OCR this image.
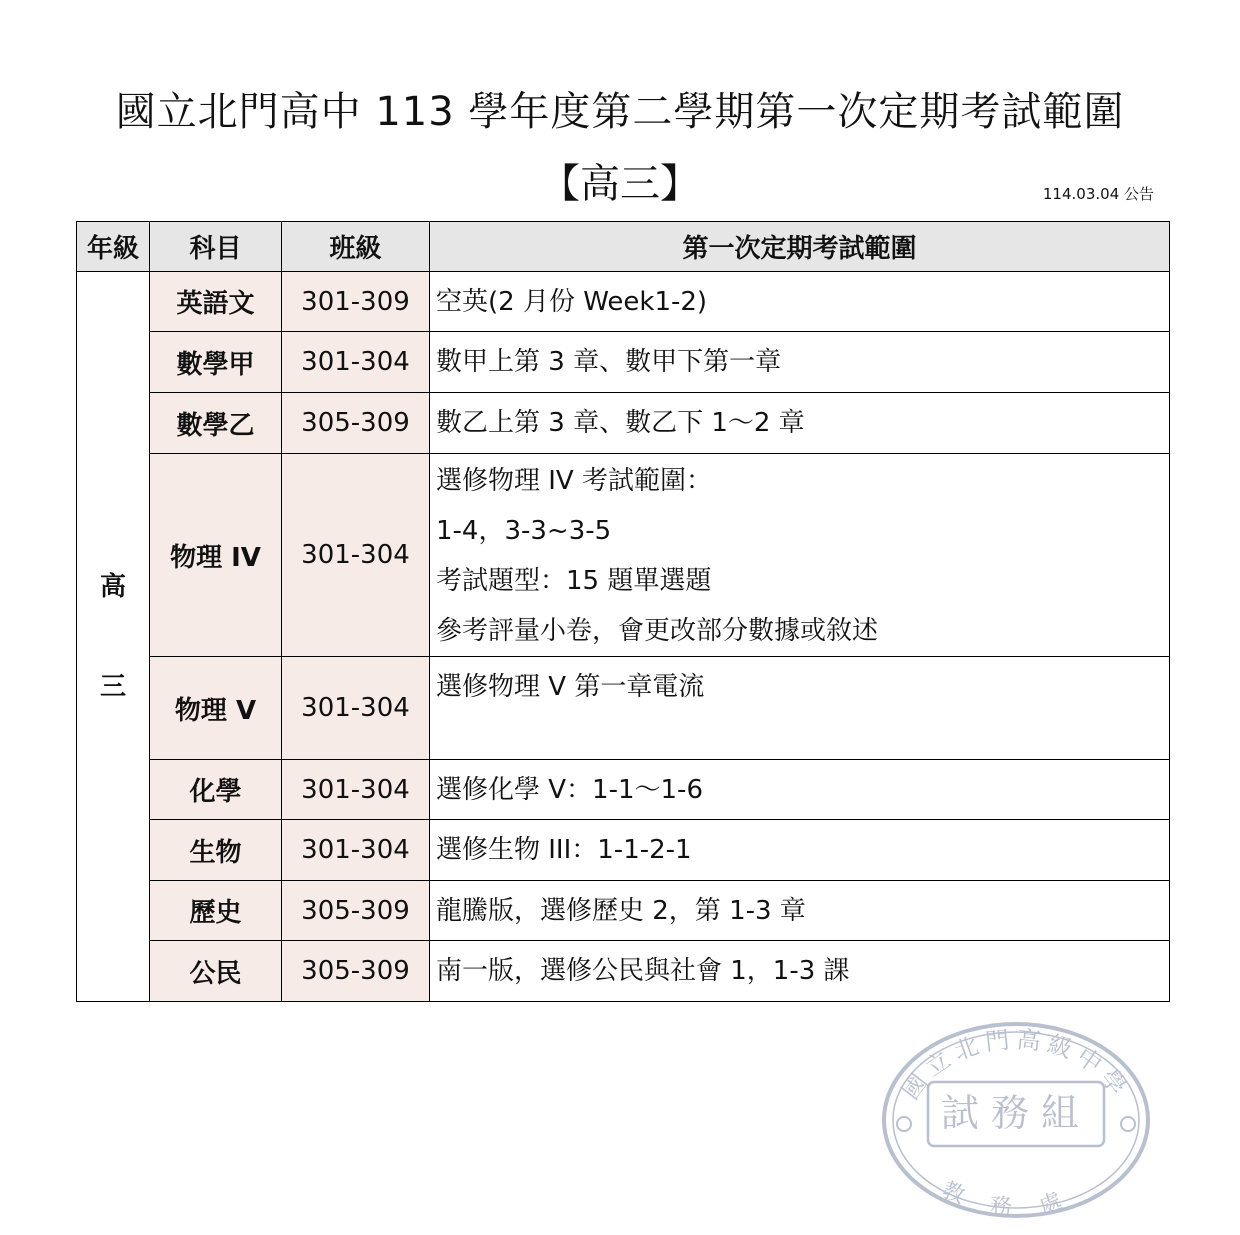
國立北門高中 113 學年度第二學期第一次定期考試範圍
【高三】	114.03.04 公告
年級	科目	班級	第一次定期考試範圍

高
三	英語文	301-309	空英(2 月份 Week1-2)

	數學甲	301-304	數甲上第 3 章、數甲下第一章

	數學乙	305-309	數乙上第 3 章、數乙下 1～2 章

	物理 IV	301-304	選修物理 IV 考試範圍：
1-4，3-3~3-5
考試題型：15 題單選題
參考評量小卷，會更改部分數據或敘述

	物理 V	301-304	選修物理 V 第一章電流

	化學	301-304	選修化學 V：1-1～1-6

	生物	301-304	選修生物 III：1-1-2-1

	歷史	305-309	龍騰版，選修歷史 2，第 1-3 章

	公民	305-309	南一版，選修公民與社會 1，1-3 課
國立北門高級中學
試務組
教務處
